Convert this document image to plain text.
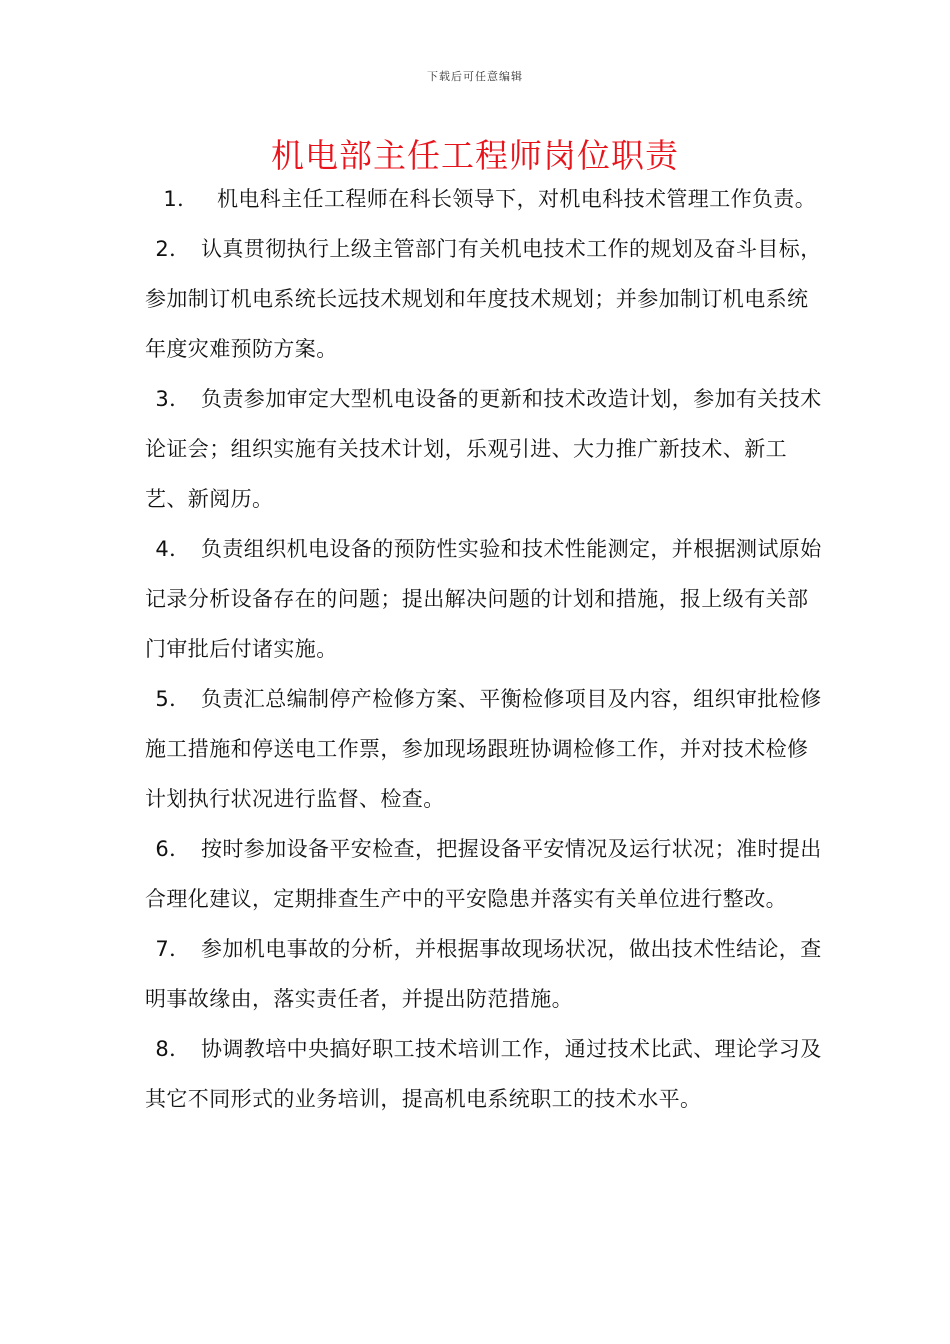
下载后可任意编辑
机电部主任工程师岗位职责

1． 机电科主任工程师在科长领导下，对机电科技术管理工作负责。

2． 认真贯彻执行上级主管部门有关机电技术工作的规划及奋斗目标，参加制订机电系统长远技术规划和年度技术规划；并参加制订机电系统年度灾难预防方案。

3． 负责参加审定大型机电设备的更新和技术改造计划，参加有关技术论证会；组织实施有关技术计划，乐观引进、大力推广新技术、新工艺、新阅历。

4． 负责组织机电设备的预防性实验和技术性能测定，并根据测试原始记录分析设备存在的问题；提出解决问题的计划和措施，报上级有关部门审批后付诸实施。

5． 负责汇总编制停产检修方案、平衡检修项目及内容，组织审批检修施工措施和停送电工作票，参加现场跟班协调检修工作，并对技术检修计划执行状况进行监督、检查。

6． 按时参加设备平安检查，把握设备平安情况及运行状况；准时提出合理化建议，定期排查生产中的平安隐患并落实有关单位进行整改。

7． 参加机电事故的分析，并根据事故现场状况，做出技术性结论，查明事故缘由，落实责任者，并提出防范措施。

8． 协调教培中央搞好职工技术培训工作，通过技术比武、理论学习及其它不同形式的业务培训，提高机电系统职工的技术水平。
